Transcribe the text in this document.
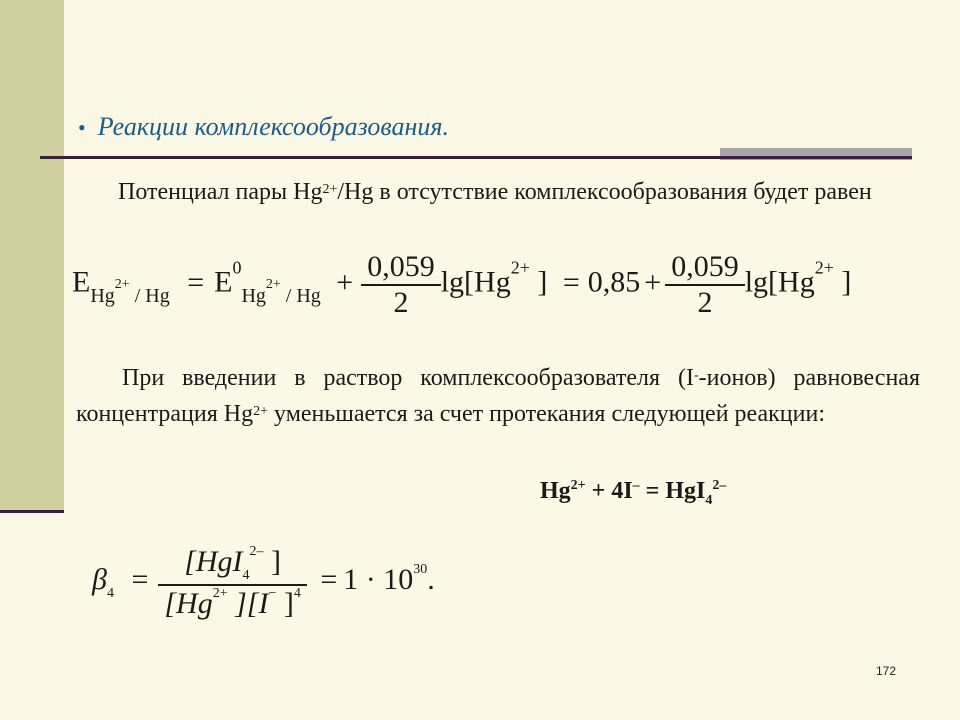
• Реакции комплексообразования.
Потенциал пары $Hg^{2+}/Hg$ в отсутствие комплексообразования будет равен
$E_{Hg^{2+} / Hg} = E^0_{Hg^{2+} / Hg} + \frac{0,059}{2} \lg[Hg^{2+}$ ] = $0,85 + \frac{0,059}{2} \lg[Hg^{2+}$ ]
При введении в раствор комплексообразователя (I--ионов) равновесная концентрация $Hg^{2+}$ уменьшается за счет протекания следующей реакции:
$Hg^{2+} + 4I^- = HgI_4^{2-}$
$\beta_4 = \frac{[HgI_4^{2-} ]}{[Hg^{2+} ][I^- ]^4} = 1 \cdot 10^{30}$.
172
